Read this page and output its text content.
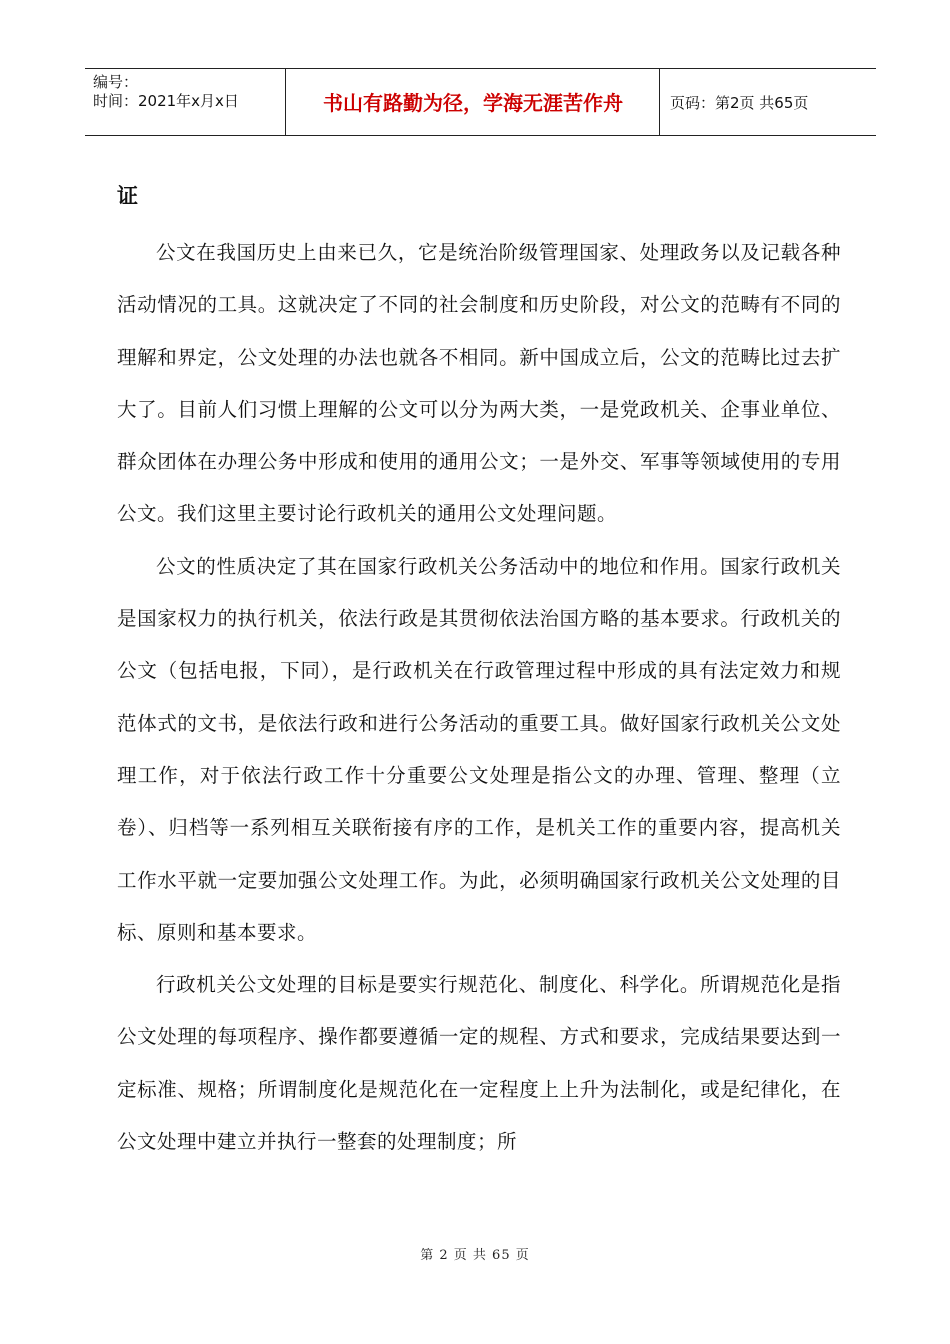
编号：
时间：2021年x月x日	书山有路勤为径，学海无涯苦作舟	页码：第2页 共65页
证

公文在我国历史上由来已久，它是统治阶级管理国家、处理政务以及记载各种活动情况的工具。这就决定了不同的社会制度和历史阶段，对公文的范畴有不同的理解和界定，公文处理的办法也就各不相同。新中国成立后，公文的范畴比过去扩大了。目前人们习惯上理解的公文可以分为两大类，一是党政机关、企事业单位、群众团体在办理公务中形成和使用的通用公文；一是外交、军事等领域使用的专用公文。我们这里主要讨论行政机关的通用公文处理问题。

公文的性质决定了其在国家行政机关公务活动中的地位和作用。国家行政机关是国家权力的执行机关，依法行政是其贯彻依法治国方略的基本要求。行政机关的公文（包括电报，下同），是行政机关在行政管理过程中形成的具有法定效力和规范体式的文书，是依法行政和进行公务活动的重要工具。做好国家行政机关公文处理工作，对于依法行政工作十分重要公文处理是指公文的办理、管理、整理（立卷）、归档等一系列相互关联衔接有序的工作，是机关工作的重要内容，提高机关工作水平就一定要加强公文处理工作。为此，必须明确国家行政机关公文处理的目标、原则和基本要求。

行政机关公文处理的目标是要实行规范化、制度化、科学化。所谓规范化是指公文处理的每项程序、操作都要遵循一定的规程、方式和要求，完成结果要达到一定标准、规格；所谓制度化是规范化在一定程度上上升为法制化，或是纪律化，在公文处理中建立并执行一整套的处理制度；所

第 2 页 共 65 页
